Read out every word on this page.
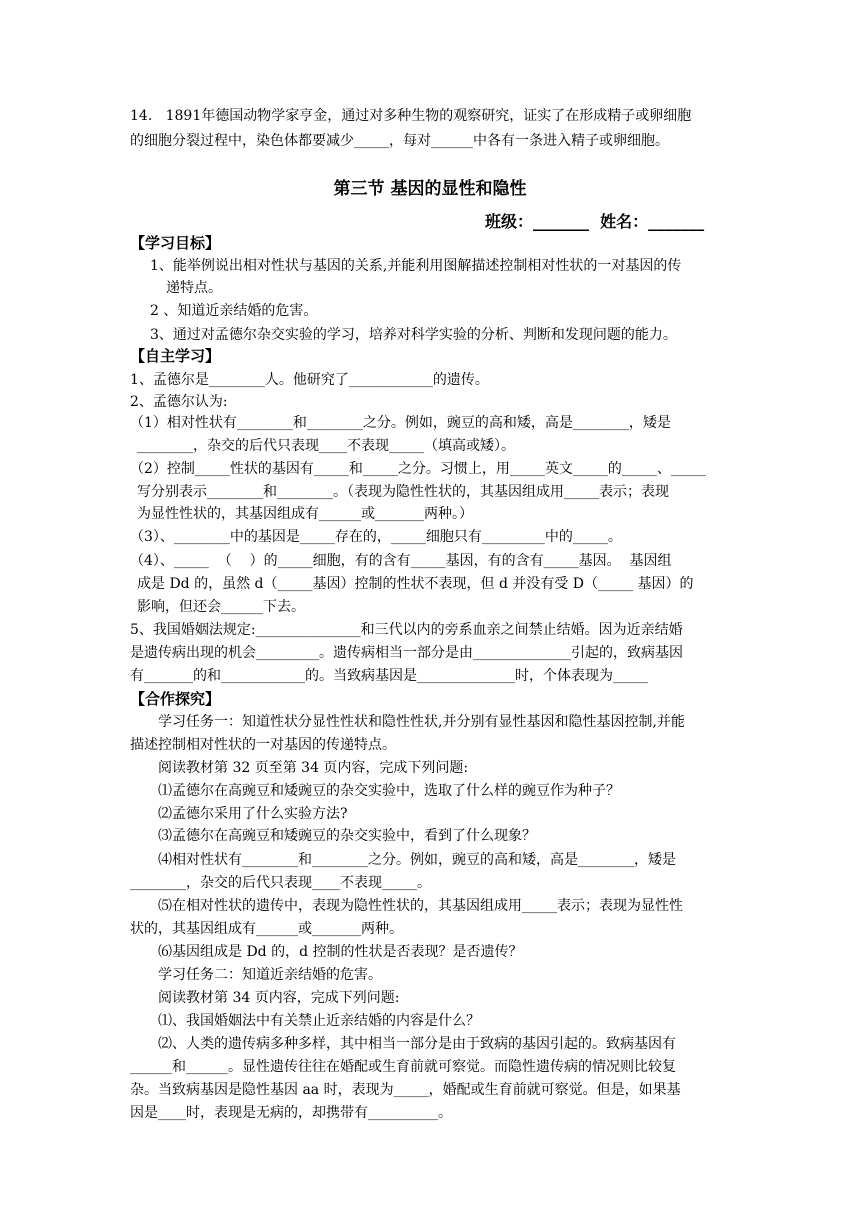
14.   1891年德国动物学家亨金，通过对多种生物的观察研究，证实了在形成精子或卵细胞
的细胞分裂过程中，染色体都要减少_____，每对______中各有一条进入精子或卵细胞。
第三节 基因的显性和隐性
班级：_______  姓名：_______
【学习目标】
1、能举例说出相对性状与基因的关系,并能利用图解描述控制相对性状的一对基因的传
递特点。
2 、知道近亲结婚的危害。
3、通过对孟德尔杂交实验的学习，培养对科学实验的分析、判断和发现问题的能力。
【自主学习】
1、孟德尔是________人。他研究了____________的遗传。
2、孟德尔认为:
（1）相对性状有________和________之分。例如，豌豆的高和矮，高是________，矮是
________，杂交的后代只表现____不表现_____（填高或矮）。
（2）控制_____性状的基因有_____和_____之分。习惯上，用_____英文_____的_____、_____
写分别表示________和________。（表现为隐性性状的，其基因组成用_____表示；表现
为显性性状的，其基因组成有______或_______两种。）
（3）、________中的基因是_____存在的，_____细胞只有_________中的_____。
（4）、_____  （    ）的_____细胞，有的含有_____基因，有的含有_____基因。  基因组
成是 Dd 的，虽然 d（_____基因）控制的性状不表现，但 d 并没有受 D（_____ 基因）的
影响，但还会______下去。
5、我国婚姻法规定:_______________和三代以内的旁系血亲之间禁止结婚。因为近亲结婚
是遗传病出现的机会_________。遗传病相当一部分是由______________引起的，致病基因
有_______的和____________的。当致病基因是______________时，个体表现为_____
【合作探究】
学习任务一：知道性状分显性性状和隐性性状,并分别有显性基因和隐性基因控制,并能
描述控制相对性状的一对基因的传递特点。
阅读教材第 32 页至第 34 页内容，完成下列问题:
⑴孟德尔在高豌豆和矮豌豆的杂交实验中，选取了什么样的豌豆作为种子？
⑵孟德尔采用了什么实验方法?
⑶孟德尔在高豌豆和矮豌豆的杂交实验中，看到了什么现象？
⑷相对性状有________和________之分。例如，豌豆的高和矮，高是________，矮是
________，杂交的后代只表现____不表现_____。
⑸在相对性状的遗传中，表现为隐性性状的，其基因组成用_____表示；表现为显性性
状的，其基因组成有______或_______两种。
⑹基因组成是 Dd 的，d 控制的性状是否表现？是否遗传？
学习任务二：知道近亲结婚的危害。
阅读教材第 34 页内容，完成下列问题:
⑴、我国婚姻法中有关禁止近亲结婚的内容是什么？
⑵、人类的遗传病多种多样，其中相当一部分是由于致病的基因引起的。致病基因有
______和______。显性遗传往往在婚配或生育前就可察觉。而隐性遗传病的情况则比较复
杂。当致病基因是隐性基因 aa 时，表现为_____，婚配或生育前就可察觉。但是，如果基
因是____时，表现是无病的，却携带有__________。
